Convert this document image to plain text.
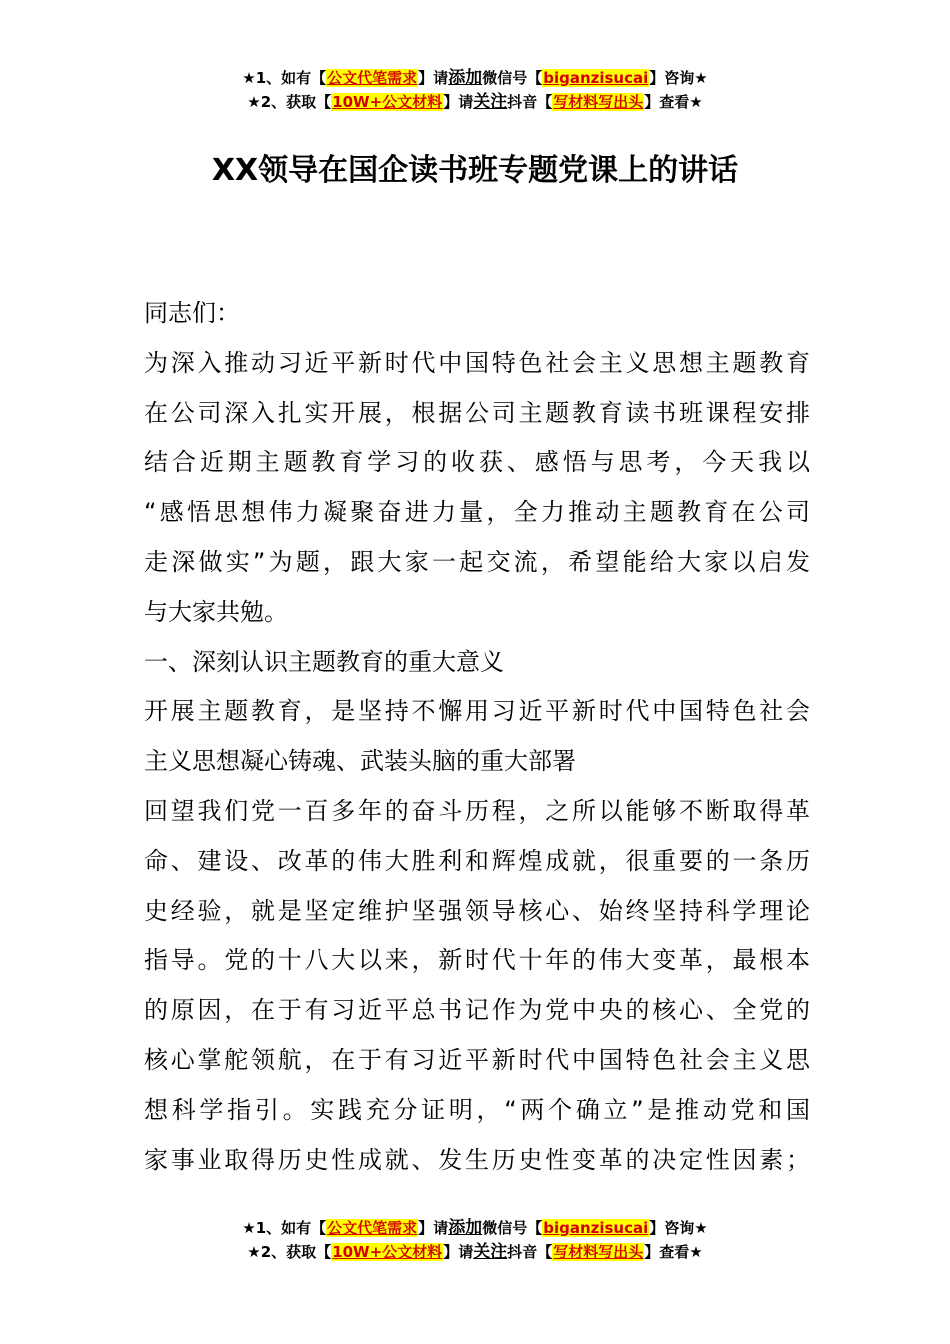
★1、如有【公文代笔需求】请添加微信号【biganzisucai】咨询★
★2、获取【10W+公文材料】请关注抖音【写材料写出头】查看★
XX领导在国企读书班专题党课上的讲话
同志们：
为深入推动习近平新时代中国特色社会主义思想主题教育
在公司深入扎实开展，根据公司主题教育读书班课程安排
结合近期主题教育学习的收获、感悟与思考，今天我以
“感悟思想伟力凝聚奋进力量，全力推动主题教育在公司
走深做实”为题，跟大家一起交流，希望能给大家以启发
与大家共勉。
一、深刻认识主题教育的重大意义
开展主题教育，是坚持不懈用习近平新时代中国特色社会
主义思想凝心铸魂、武装头脑的重大部署
回望我们党一百多年的奋斗历程，之所以能够不断取得革
命、建设、改革的伟大胜利和辉煌成就，很重要的一条历
史经验，就是坚定维护坚强领导核心、始终坚持科学理论
指导。党的十八大以来，新时代十年的伟大变革，最根本
的原因，在于有习近平总书记作为党中央的核心、全党的
核心掌舵领航，在于有习近平新时代中国特色社会主义思
想科学指引。实践充分证明，“两个确立”是推动党和国
家事业取得历史性成就、发生历史性变革的决定性因素；
★1、如有【公文代笔需求】请添加微信号【biganzisucai】咨询★
★2、获取【10W+公文材料】请关注抖音【写材料写出头】查看★
